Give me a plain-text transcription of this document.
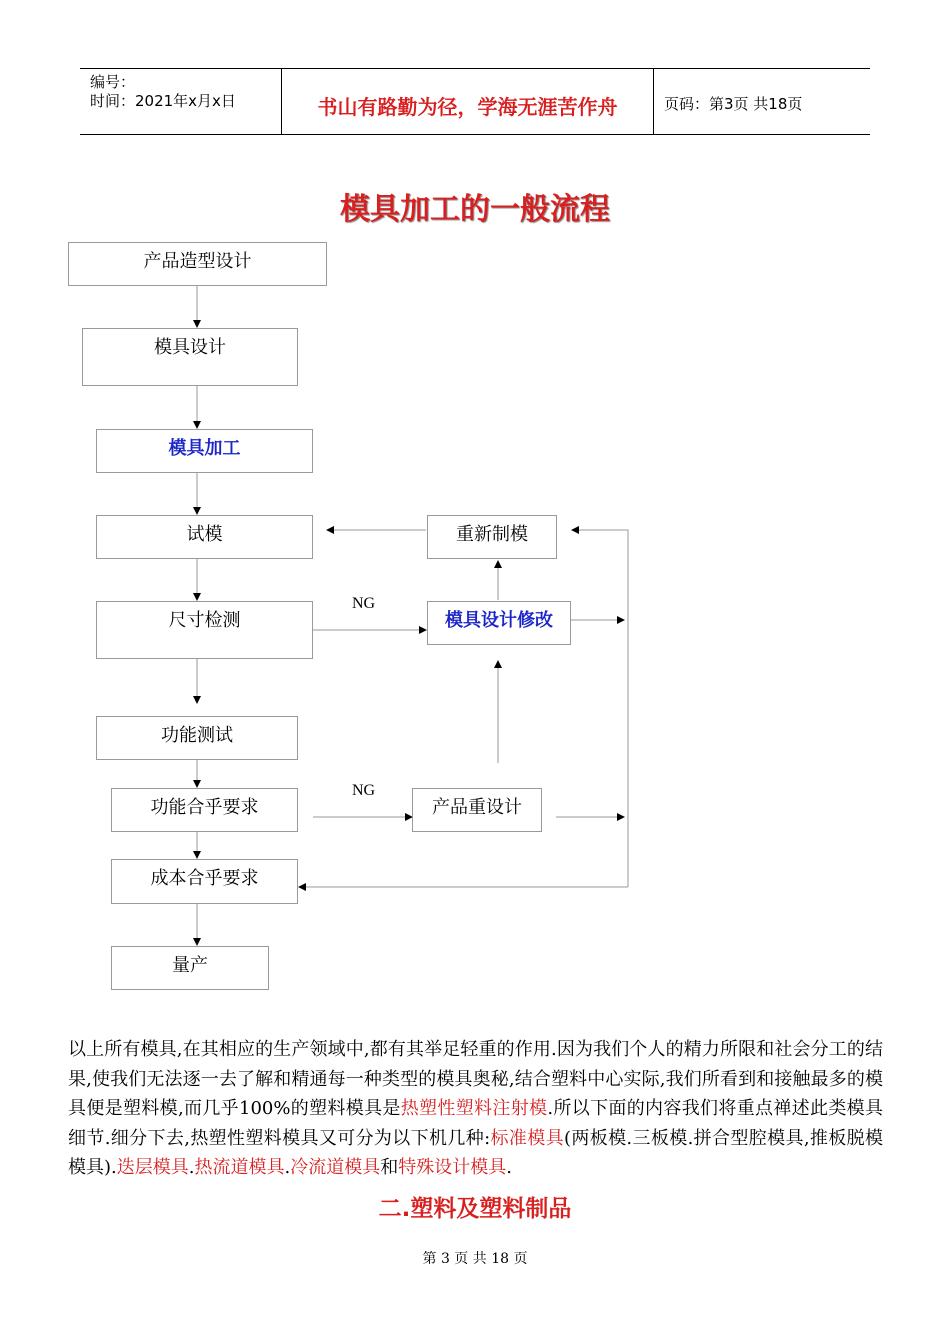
编号：
时间：2021年x月x日	书山有路勤为径，学海无涯苦作舟	页码：第3页 共18页
模具加工的一般流程
产品造型设计
模具设计
模具加工
试模	重新制模
尺寸检测	模具设计修改
功能测试
功能合乎要求	产品重设计
成本合乎要求
量产
NG
NG
以上所有模具,在其相应的生产领域中,都有其举足轻重的作用.因为我们个人的精力所限和社会分工的结果,使我们无法逐一去了解和精通每一种类型的模具奥秘,结合塑料中心实际,我们所看到和接触最多的模具便是塑料模,而几乎100%的塑料模具是热塑性塑料注射模.所以下面的内容我们将重点禅述此类模具细节.细分下去,热塑性塑料模具又可分为以下机几种:标准模具(两板模.三板模.拼合型腔模具,推板脱模模具).迭层模具.热流道模具.冷流道模具和特殊设计模具.
二.塑料及塑料制品
第 3 页 共 18 页
